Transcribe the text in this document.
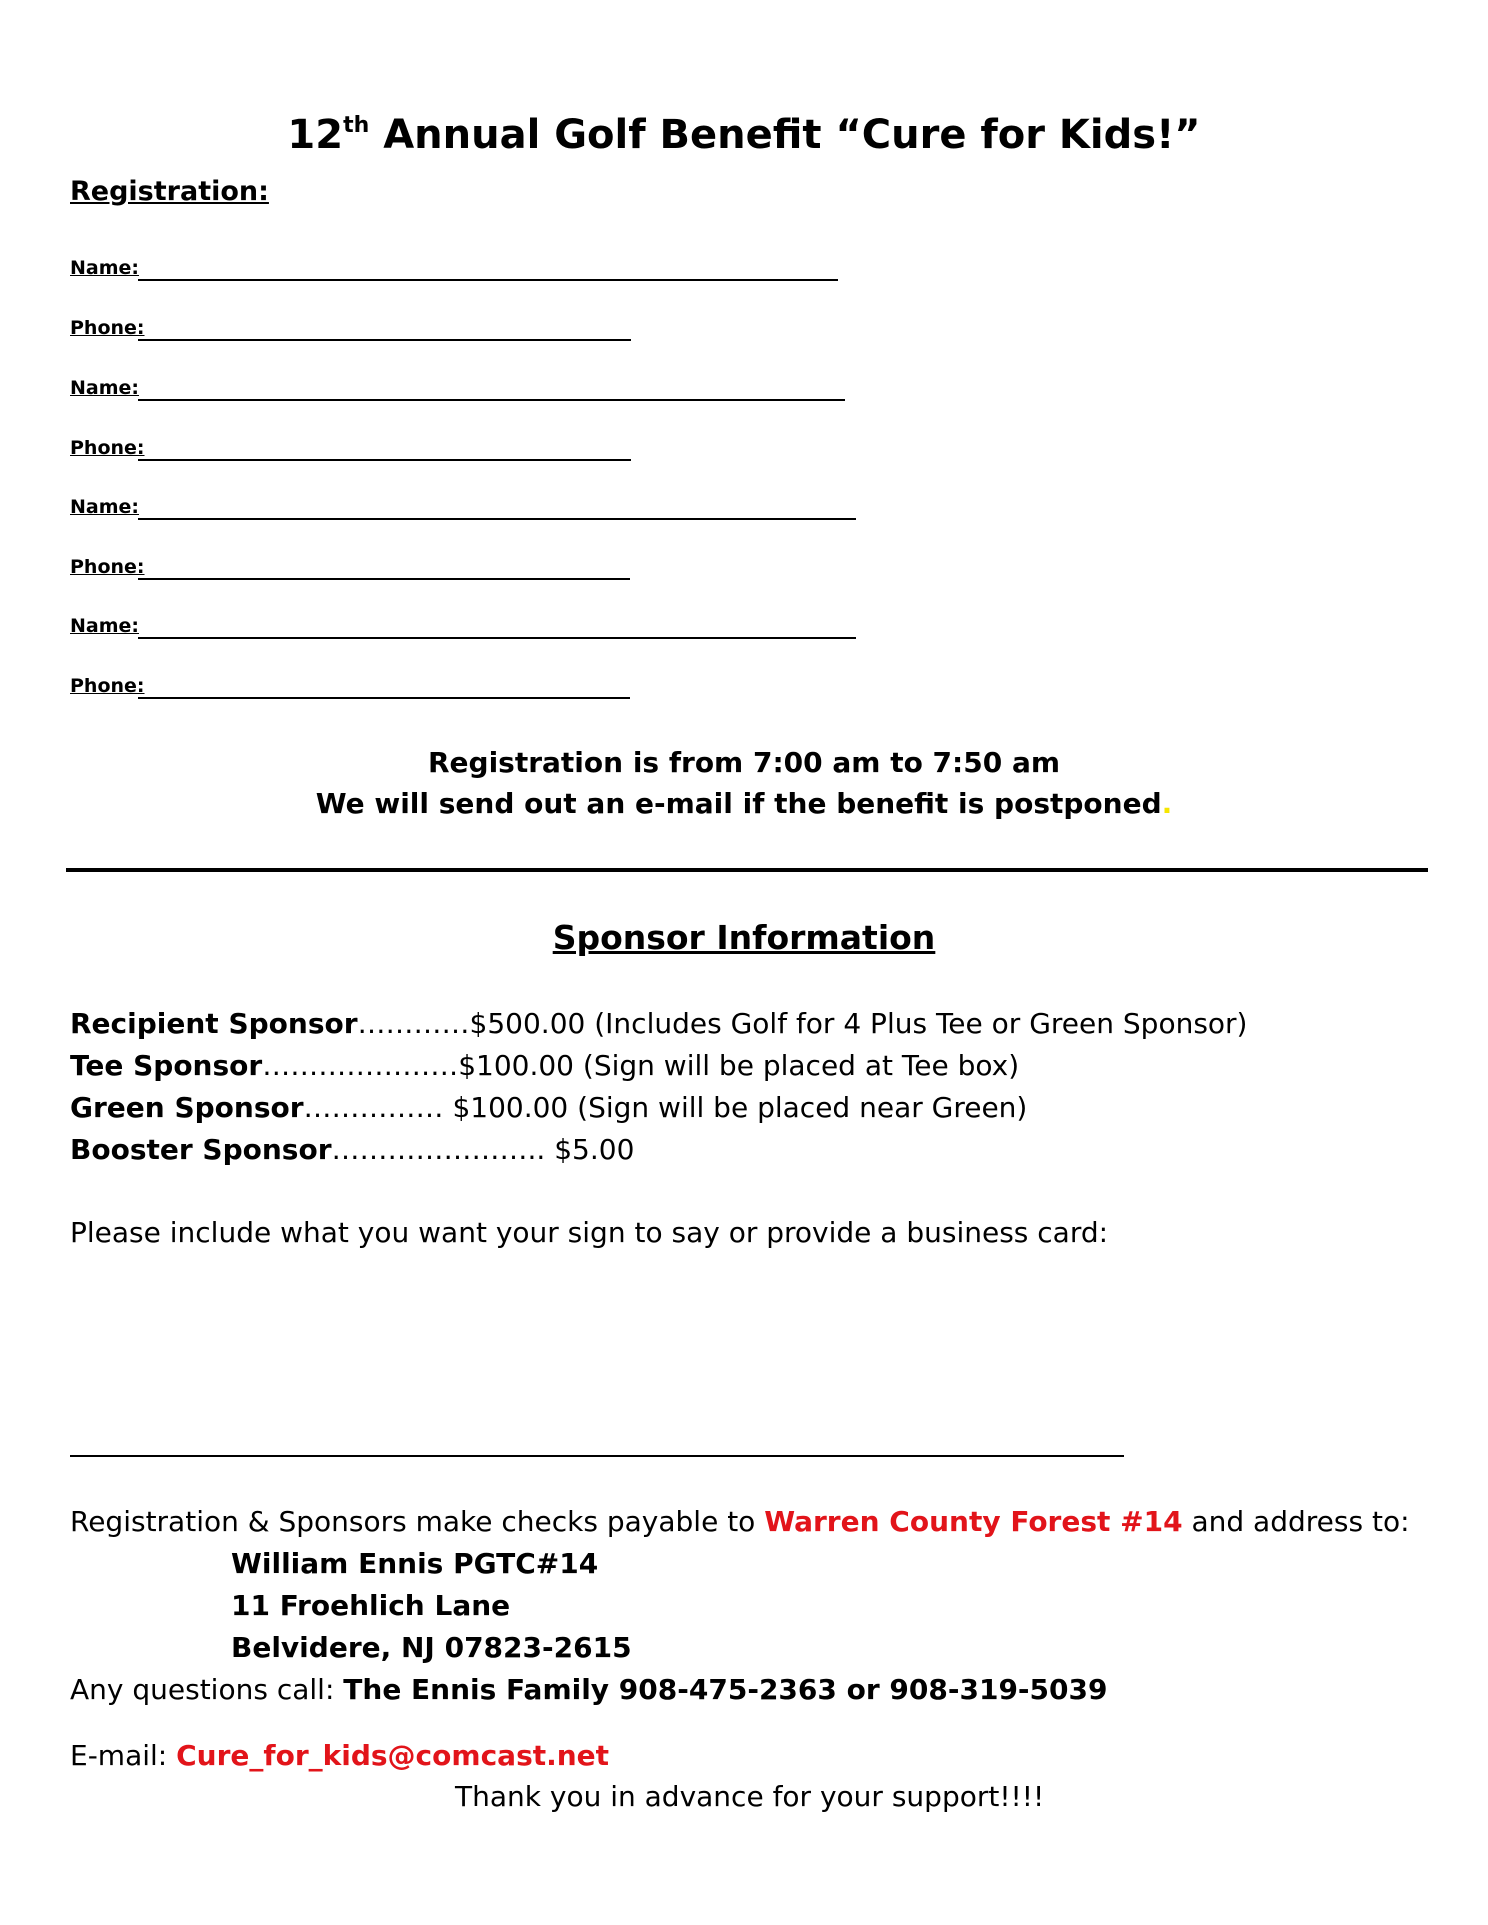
12th Annual Golf Benefit “Cure for Kids!”
Registration:
Name:
Phone:
Name:
Phone:
Name:
Phone:
Name:
Phone:
Registration is from 7:00 am to 7:50 am
We will send out an e-mail if the benefit is postponed.
Sponsor Information
Recipient Sponsor…………$500.00 (Includes Golf for 4 Plus Tee or Green Sponsor)
Tee Sponsor…………………$100.00 (Sign will be placed at Tee box)
Green Sponsor…………… $100.00 (Sign will be placed near Green)
Booster Sponsor………………….. $5.00
Please include what you want your sign to say or provide a business card:
Registration & Sponsors make checks payable to Warren County Forest #14 and address to:
William Ennis PGTC#14
11 Froehlich Lane
Belvidere, NJ 07823-2615
Any questions call: The Ennis Family 908-475-2363 or 908-319-5039
E-mail: Cure_for_kids@comcast.net
Thank you in advance for your support!!!!
